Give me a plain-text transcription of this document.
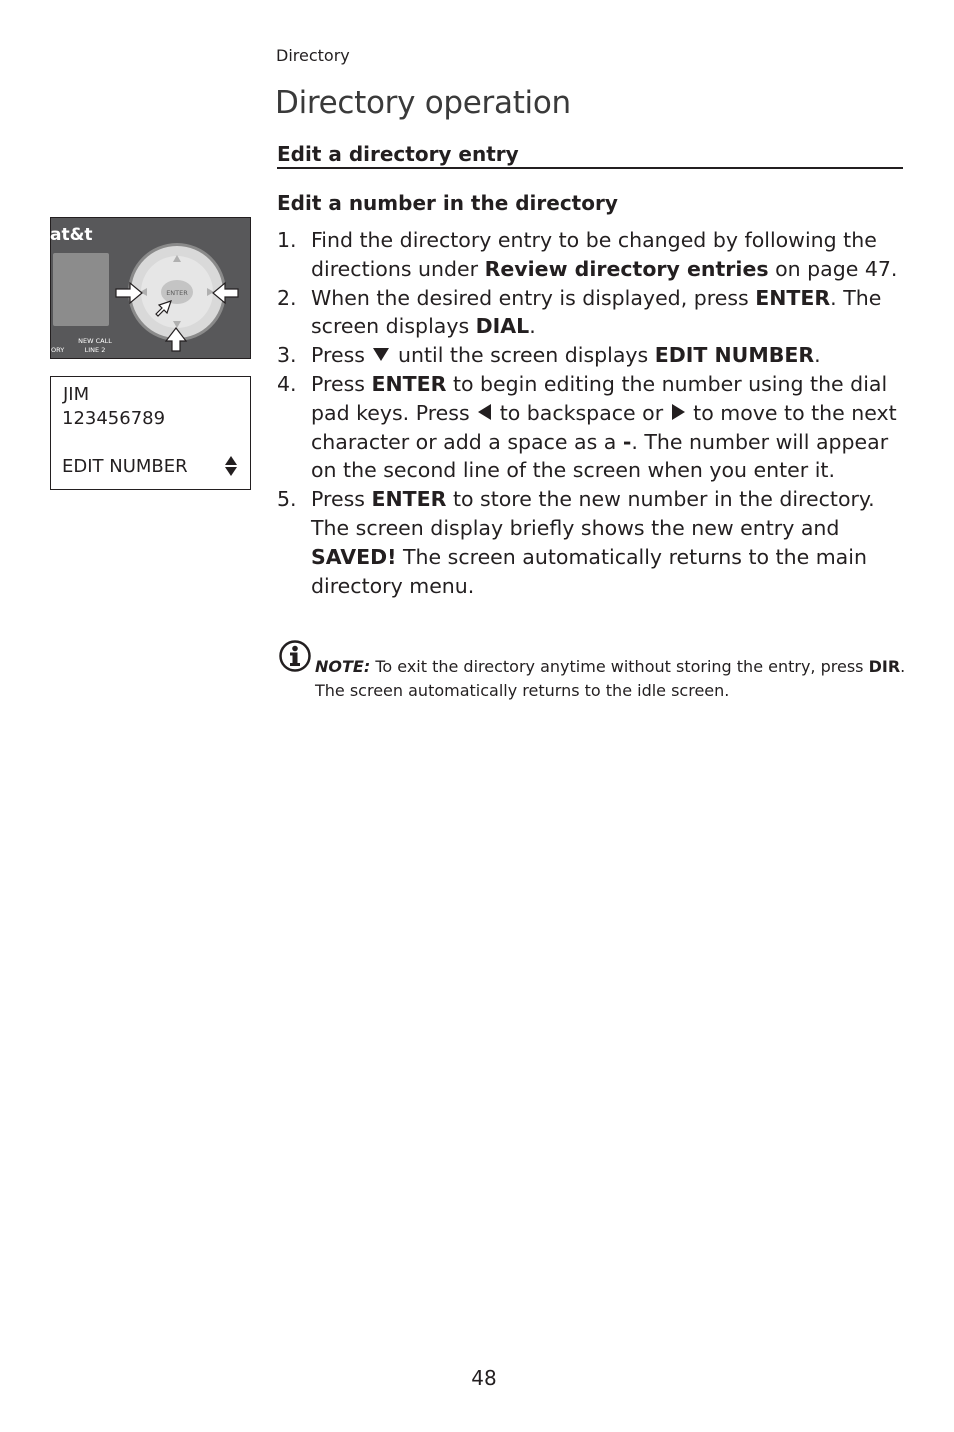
Directory
Directory operation
Edit a directory entry
Edit a number in the directory
1. Find the directory entry to be changed by following the directions under Review directory entries on page 47.
2. When the desired entry is displayed, press ENTER. The screen displays DIAL.
3. Press  until the screen displays EDIT NUMBER.
4. Press ENTER to begin editing the number using the dial pad keys. Press  to backspace or  to move to the next character or add a space as a -. The number will appear on the second line of the screen when you enter it.
5. Press ENTER to store the new number in the directory. The screen display briefly shows the new entry and SAVED! The screen automatically returns to the main directory menu.
NOTE: To exit the directory anytime without storing the entry, press DIR. The screen automatically returns to the idle screen.
at&t
ENTER
NEW CALL
LINE 2
ORY
JIM
123456789
EDIT NUMBER
48
